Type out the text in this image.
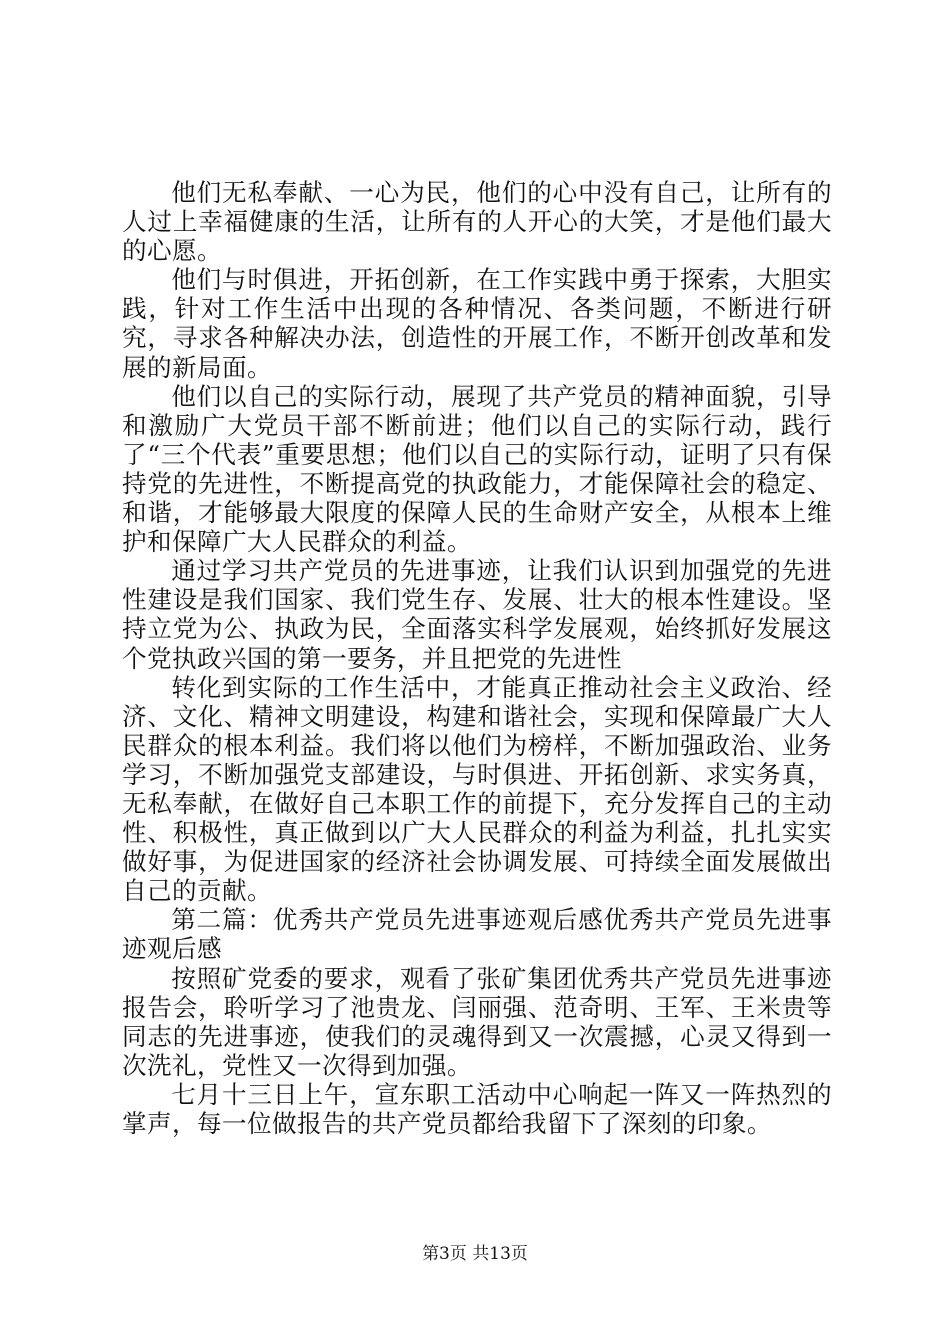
他们无私奉献、一心为民，他们的心中没有自己，让所有的人过上幸福健康的生活，让所有的人开心的大笑，才是他们最大的心愿。

他们与时俱进，开拓创新，在工作实践中勇于探索，大胆实践，针对工作生活中出现的各种情况、各类问题，不断进行研究，寻求各种解决办法，创造性的开展工作，不断开创改革和发展的新局面。

他们以自己的实际行动，展现了共产党员的精神面貌，引导和激励广大党员干部不断前进；他们以自己的实际行动，践行了“三个代表”重要思想；他们以自己的实际行动，证明了只有保持党的先进性，不断提高党的执政能力，才能保障社会的稳定、和谐，才能够最大限度的保障人民的生命财产安全，从根本上维护和保障广大人民群众的利益。

通过学习共产党员的先进事迹，让我们认识到加强党的先进性建设是我们国家、我们党生存、发展、壮大的根本性建设。坚持立党为公、执政为民，全面落实科学发展观，始终抓好发展这个党执政兴国的第一要务，并且把党的先进性

转化到实际的工作生活中，才能真正推动社会主义政治、经济、文化、精神文明建设，构建和谐社会，实现和保障最广大人民群众的根本利益。我们将以他们为榜样，不断加强政治、业务学习，不断加强党支部建设，与时俱进、开拓创新、求实务真，无私奉献，在做好自己本职工作的前提下，充分发挥自己的主动性、积极性，真正做到以广大人民群众的利益为利益，扎扎实实做好事，为促进国家的经济社会协调发展、可持续全面发展做出自己的贡献。

第二篇：优秀共产党员先进事迹观后感优秀共产党员先进事迹观后感

按照矿党委的要求，观看了张矿集团优秀共产党员先进事迹报告会，聆听学习了池贵龙、闫丽强、范奇明、王军、王米贵等同志的先进事迹，使我们的灵魂得到又一次震撼，心灵又得到一次洗礼，党性又一次得到加强。

七月十三日上午，宣东职工活动中心响起一阵又一阵热烈的掌声，每一位做报告的共产党员都给我留下了深刻的印象。

第3页 共13页
